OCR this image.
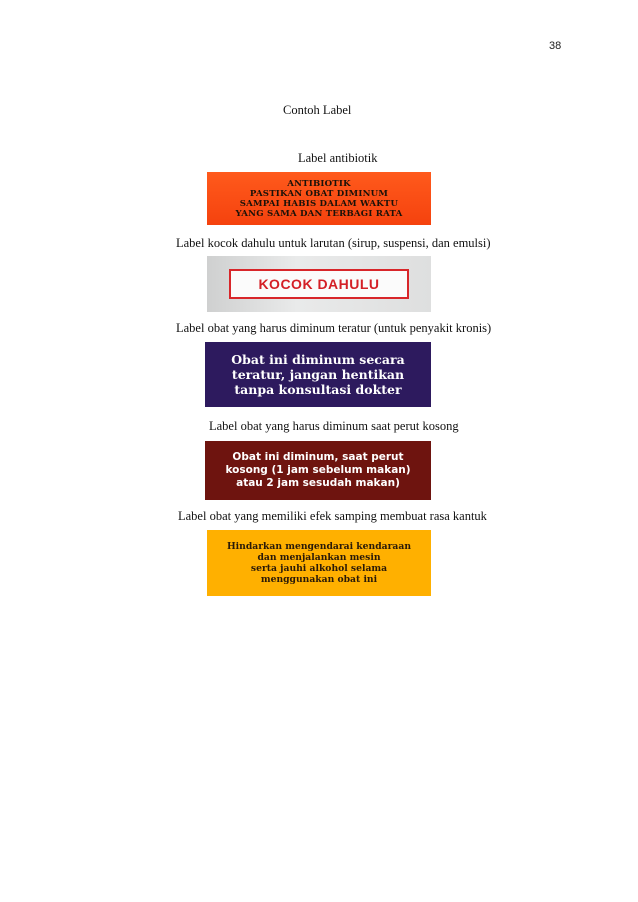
38
Contoh Label
Label antibiotik
ANTIBIOTIK
PASTIKAN OBAT DIMINUM
SAMPAI HABIS DALAM WAKTU
YANG SAMA DAN TERBAGI RATA
Label kocok dahulu untuk larutan (sirup, suspensi, dan emulsi)
KOCOK DAHULU
Label obat yang harus diminum teratur (untuk penyakit kronis)
Obat ini diminum secara
teratur, jangan hentikan
tanpa konsultasi dokter
Label obat yang harus diminum saat perut kosong
Obat ini diminum, saat perut
kosong (1 jam sebelum makan)
atau 2 jam sesudah makan)
Label obat yang memiliki efek samping membuat rasa kantuk
Hindarkan mengendarai kendaraan
dan menjalankan mesin
serta jauhi alkohol selama
menggunakan obat ini
